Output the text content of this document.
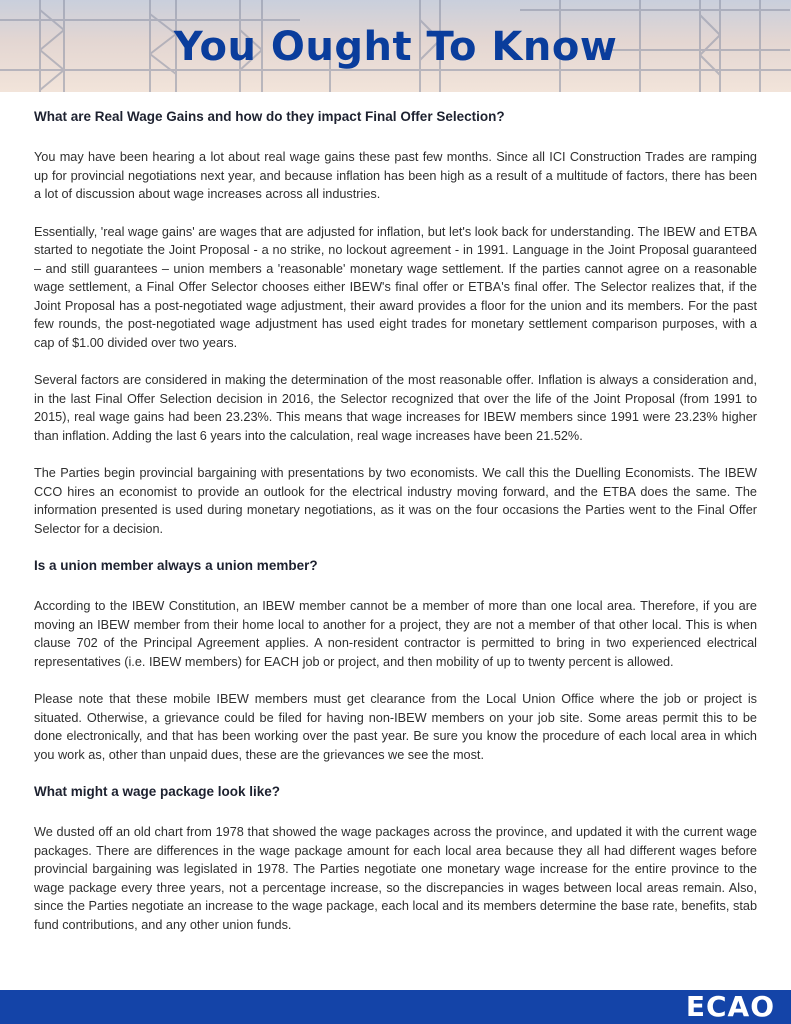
You Ought To Know
What are Real Wage Gains and how do they impact Final Offer Selection?

You may have been hearing a lot about real wage gains these past few months. Since all ICI Construction Trades are ramping up for provincial negotiations next year, and because inflation has been high as a result of a multitude of factors, there has been a lot of discussion about wage increases across all industries.

Essentially, 'real wage gains' are wages that are adjusted for inflation, but let's look back for understanding. The IBEW and ETBA started to negotiate the Joint Proposal - a no strike, no lockout agreement - in 1991. Language in the Joint Proposal guaranteed – and still guarantees – union members a 'reasonable' monetary wage settlement. If the parties cannot agree on a reasonable wage settlement, a Final Offer Selector chooses either IBEW's final offer or ETBA's final offer. The Selector realizes that, if the Joint Proposal has a post-negotiated wage adjustment, their award provides a floor for the union and its members. For the past few rounds, the post-negotiated wage adjustment has used eight trades for monetary settlement comparison purposes, with a cap of $1.00 divided over two years.

Several factors are considered in making the determination of the most reasonable offer. Inflation is always a consideration and, in the last Final Offer Selection decision in 2016, the Selector recognized that over the life of the Joint Proposal (from 1991 to 2015), real wage gains had been 23.23%. This means that wage increases for IBEW members since 1991 were 23.23% higher than inflation. Adding the last 6 years into the calculation, real wage increases have been 21.52%.

The Parties begin provincial bargaining with presentations by two economists. We call this the Duelling Economists. The IBEW CCO hires an economist to provide an outlook for the electrical industry moving forward, and the ETBA does the same. The information presented is used during monetary negotiations, as it was on the four occasions the Parties went to the Final Offer Selector for a decision.

Is a union member always a union member?

According to the IBEW Constitution, an IBEW member cannot be a member of more than one local area. Therefore, if you are moving an IBEW member from their home local to another for a project, they are not a member of that other local. This is when clause 702 of the Principal Agreement applies. A non-resident contractor is permitted to bring in two experienced electrical representatives (i.e. IBEW members) for EACH job or project, and then mobility of up to twenty percent is allowed.

Please note that these mobile IBEW members must get clearance from the Local Union Office where the job or project is situated. Otherwise, a grievance could be filed for having non-IBEW members on your job site. Some areas permit this to be done electronically, and that has been working over the past year. Be sure you know the procedure of each local area in which you work as, other than unpaid dues, these are the grievances we see the most.

What might a wage package look like?

We dusted off an old chart from 1978 that showed the wage packages across the province, and updated it with the current wage packages. There are differences in the wage package amount for each local area because they all had different wages before provincial bargaining was legislated in 1978. The Parties negotiate one monetary wage increase for the entire province to the wage package every three years, not a percentage increase, so the discrepancies in wages between local areas remain. Also, since the Parties negotiate an increase to the wage package, each local and its members determine the base rate, benefits, stab fund contributions, and any other union funds.

ECAO
